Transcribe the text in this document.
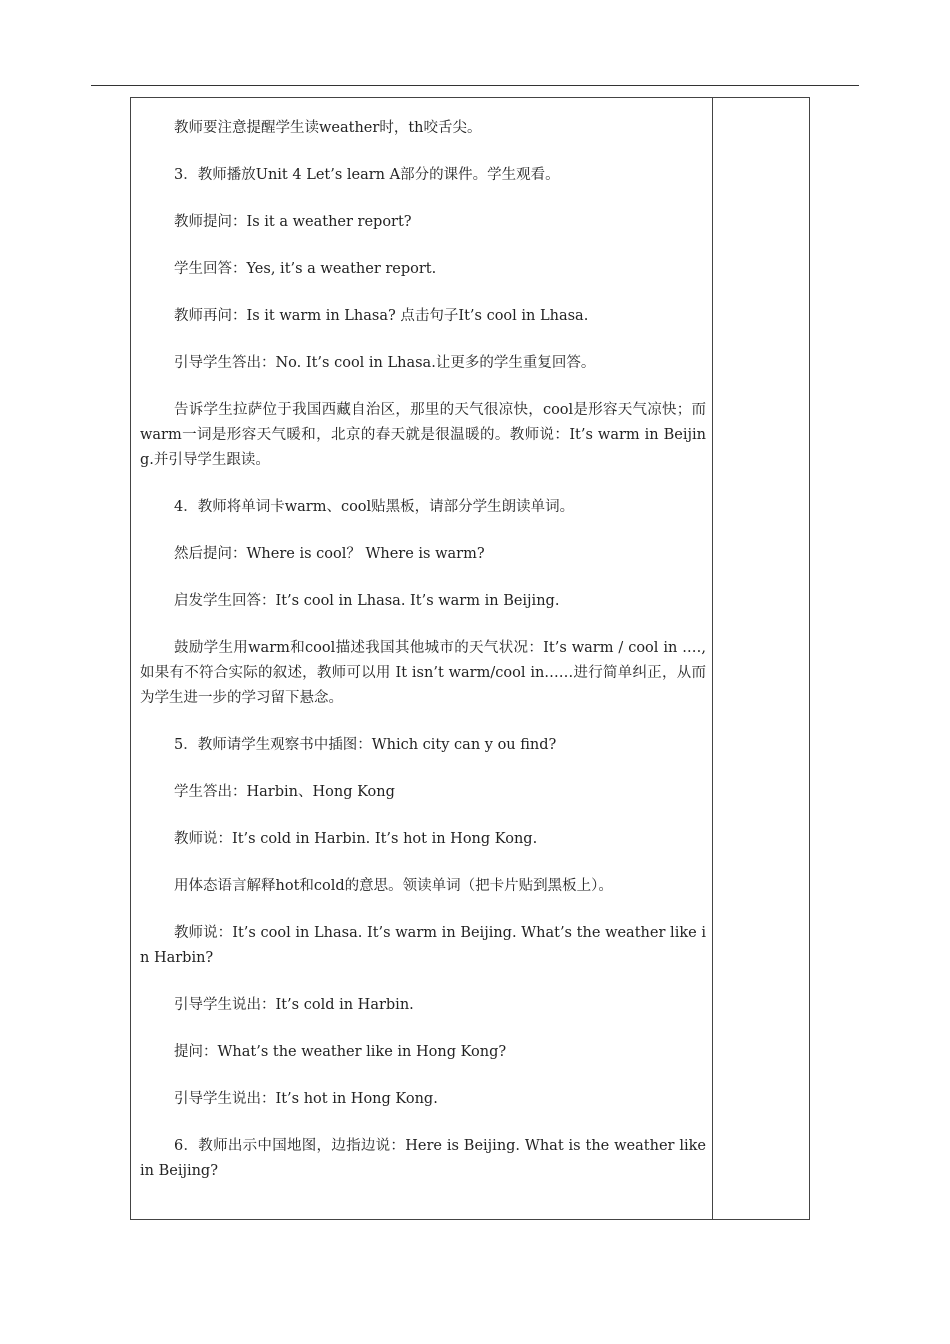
教师要注意提醒学生读weather时，th咬舌尖。

3．教师播放Unit 4 Let’s learn A部分的课件。学生观看。

教师提问：Is it a weather report?

学生回答：Yes, it’s a weather report.

教师再问：Is it warm in Lhasa? 点击句子It’s cool in Lhasa.

引导学生答出：No. It’s cool in Lhasa.让更多的学生重复回答。

告诉学生拉萨位于我国西藏自治区，那里的天气很凉快，cool是形容天气凉快；而warm一词是形容天气暖和，北京的春天就是很温暖的。教师说：It’s warm in Beijing.并引导学生跟读。

4．教师将单词卡warm、cool贴黑板，请部分学生朗读单词。

然后提问：Where is cool？ Where is warm?

启发学生回答：It’s cool in Lhasa. It’s warm in Beijing.

鼓励学生用warm和cool描述我国其他城市的天气状况：It’s warm / cool in .…, 如果有不符合实际的叙述，教师可以用 It isn’t warm/cool in……进行简单纠正，从而为学生进一步的学习留下悬念。

5．教师请学生观察书中插图：Which city can y ou find?

学生答出：Harbin、Hong Kong

教师说：It’s cold in Harbin. It’s hot in Hong Kong.

用体态语言解释hot和cold的意思。领读单词（把卡片贴到黑板上）。

教师说：It’s cool in Lhasa. It’s warm in Beijing. What’s the weather like in Harbin?

引导学生说出：It’s cold in Harbin.

提问：What’s the weather like in Hong Kong?

引导学生说出：It’s hot in Hong Kong.

6．教师出示中国地图，边指边说：Here is Beijing. What is the weather like in Beijing?
